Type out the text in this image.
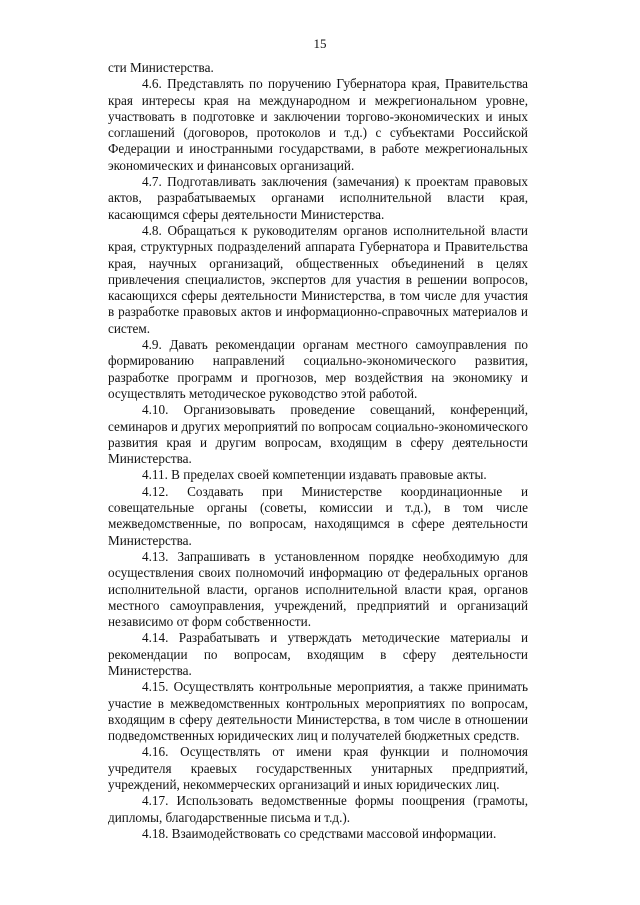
15

сти Министерства.

4.6. Представлять по поручению Губернатора края, Правительства края интересы края на международном и межрегиональном уровне, участвовать в подготовке и заключении торгово-экономических и иных соглашений (договоров, протоколов и т.д.) с субъектами Российской Федерации и иностранными государствами, в работе межрегиональных экономических и финансовых организаций.

4.7. Подготавливать заключения (замечания) к проектам правовых актов, разрабатываемых органами исполнительной власти края, касающимся сферы деятельности Министерства.

4.8. Обращаться к руководителям органов исполнительной власти края, структурных подразделений аппарата Губернатора и Правительства края, научных организаций, общественных объединений в целях привлечения специалистов, экспертов для участия в решении вопросов, касающихся сферы деятельности Министерства, в том числе для участия в разработке правовых актов и информационно-справочных материалов и систем.

4.9. Давать рекомендации органам местного самоуправления по формированию направлений социально-экономического развития, разработке программ и прогнозов, мер воздействия на экономику и осуществлять методическое руководство этой работой.

4.10. Организовывать проведение совещаний, конференций, семинаров и других мероприятий по вопросам социально-экономического развития края и другим вопросам, входящим в сферу деятельности Министерства.

4.11. В пределах своей компетенции издавать правовые акты.

4.12. Создавать при Министерстве координационные и совещательные органы (советы, комиссии и т.д.), в том числе межведомственные, по вопросам, находящимся в сфере деятельности Министерства.

4.13. Запрашивать в установленном порядке необходимую для осуществления своих полномочий информацию от федеральных органов исполнительной власти, органов исполнительной власти края, органов местного самоуправления, учреждений, предприятий и организаций независимо от форм собственности.

4.14. Разрабатывать и утверждать методические материалы и рекомендации по вопросам, входящим в сферу деятельности Министерства.

4.15. Осуществлять контрольные мероприятия, а также принимать участие в межведомственных контрольных мероприятиях по вопросам, входящим в сферу деятельности Министерства, в том числе в отношении подведомственных юридических лиц и получателей бюджетных средств.

4.16. Осуществлять от имени края функции и полномочия учредителя краевых государственных унитарных предприятий, учреждений, некоммерческих организаций и иных юридических лиц.

4.17. Использовать ведомственные формы поощрения (грамоты, дипломы, благодарственные письма и т.д.).

4.18. Взаимодействовать со средствами массовой информации.
